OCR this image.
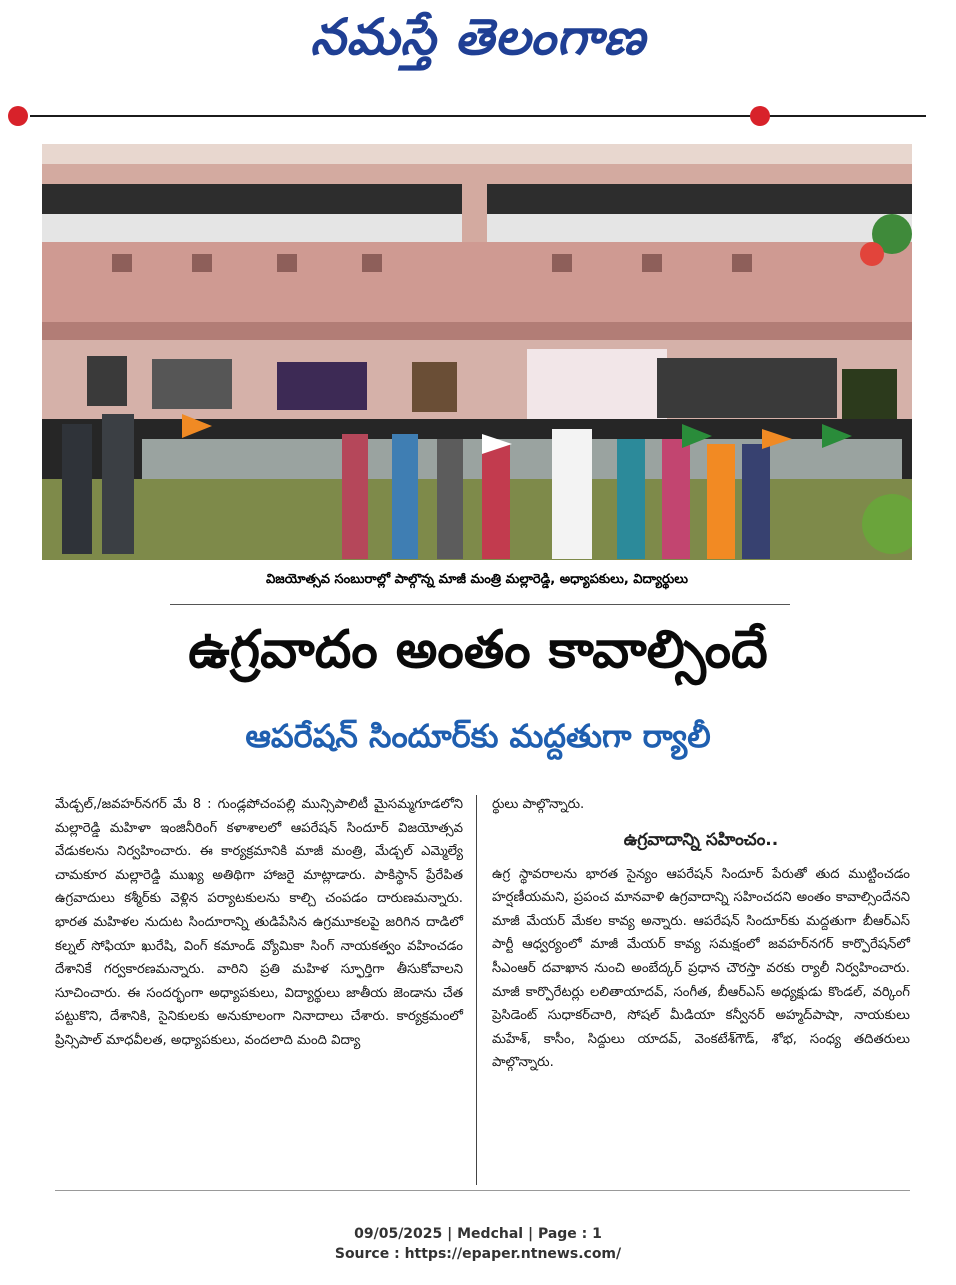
నమస్తే తెలంగాణ
విజయోత్సవ సంబురాల్లో పాల్గొన్న మాజీ మంత్రి మల్లారెడ్డి, అధ్యాపకులు, విద్యార్థులు
ఉగ్రవాదం అంతం కావాల్సిందే
ఆపరేషన్ సిందూర్‌కు మద్దతుగా ర్యాలీ

మేడ్చల్,/జవహర్‌నగర్ మే 8 : గుండ్లపోచంపల్లి మున్సిపాలిటీ మైసమ్మగూడలోని మల్లారెడ్డి మహిళా ఇంజినీరింగ్ కళాశాలలో ఆపరేషన్ సిందూర్ విజయోత్సవ వేడుకలను నిర్వహించారు. ఈ కార్యక్రమానికి మాజీ మంత్రి, మేడ్చల్ ఎమ్మెల్యే చామకూర మల్లారెడ్డి ముఖ్య అతిథిగా హాజరై మాట్లాడారు. పాకిస్థాన్ ప్రేరేపిత ఉగ్రవాదులు కశ్మీర్‌కు వెళ్లిన పర్యాటకులను కాల్చి చంపడం దారుణమన్నారు. భారత మహిళల నుదుట సిందూరాన్ని తుడిపేసిన ఉగ్రమూకలపై జరిగిన దాడిలో కల్నల్ సోఫియా ఖురేషి, వింగ్ కమాండ్ వ్యోమికా సింగ్ నాయకత్వం వహించడం దేశానికే గర్వకారణమన్నారు. వారిని ప్రతి మహిళ స్ఫూర్తిగా తీసుకోవాలని సూచించారు. ఈ సందర్భంగా అధ్యాపకులు, విద్యార్థులు జాతీయ జెండాను చేత పట్టుకొని, దేశానికి, సైనికులకు అనుకూలంగా నినాదాలు చేశారు. కార్యక్రమంలో ప్రిన్సిపాల్ మాధవీలత, అధ్యాపకులు, వందలాది మంది విద్యా

ర్థులు పాల్గొన్నారు.

ఉగ్రవాదాన్ని సహించం..

ఉగ్ర స్థావరాలను భారత సైన్యం ఆపరేషన్ సిందూర్ పేరుతో తుద ముట్టించడం హర్షణీయమని, ప్రపంచ మానవాళి ఉగ్రవాదాన్ని సహించదని అంతం కావాల్సిందేనని మాజీ మేయర్ మేకల కావ్య అన్నారు. ఆపరేషన్ సిందూర్‌కు మద్దతుగా బీఆర్‌ఎస్ పార్టీ ఆధ్వర్యంలో మాజీ మేయర్ కావ్య సమక్షంలో జవహర్‌నగర్ కార్పొరేషన్‌లో సీఎంఆర్ దవాఖాన నుంచి అంబేద్కర్ ప్రధాన చౌరస్తా వరకు ర్యాలీ నిర్వహించారు. మాజీ కార్పొరేటర్లు లలితాయాదవ్, సంగీత, బీఆర్‌ఎస్ అధ్యక్షుడు కొండల్, వర్కింగ్ ప్రెసిడెంట్ సుధాకర్‌చారి, సోషల్ మీడియా కన్వీనర్ అహ్మద్‌పాషా, నాయకులు మహేశ్, కాసీం, సిద్దులు యాదవ్, వెంకటేశ్‌గౌడ్, శోభ, సంధ్య తదితరులు పాల్గొన్నారు.

09/05/2025 | Medchal | Page : 1
Source : https://epaper.ntnews.com/
